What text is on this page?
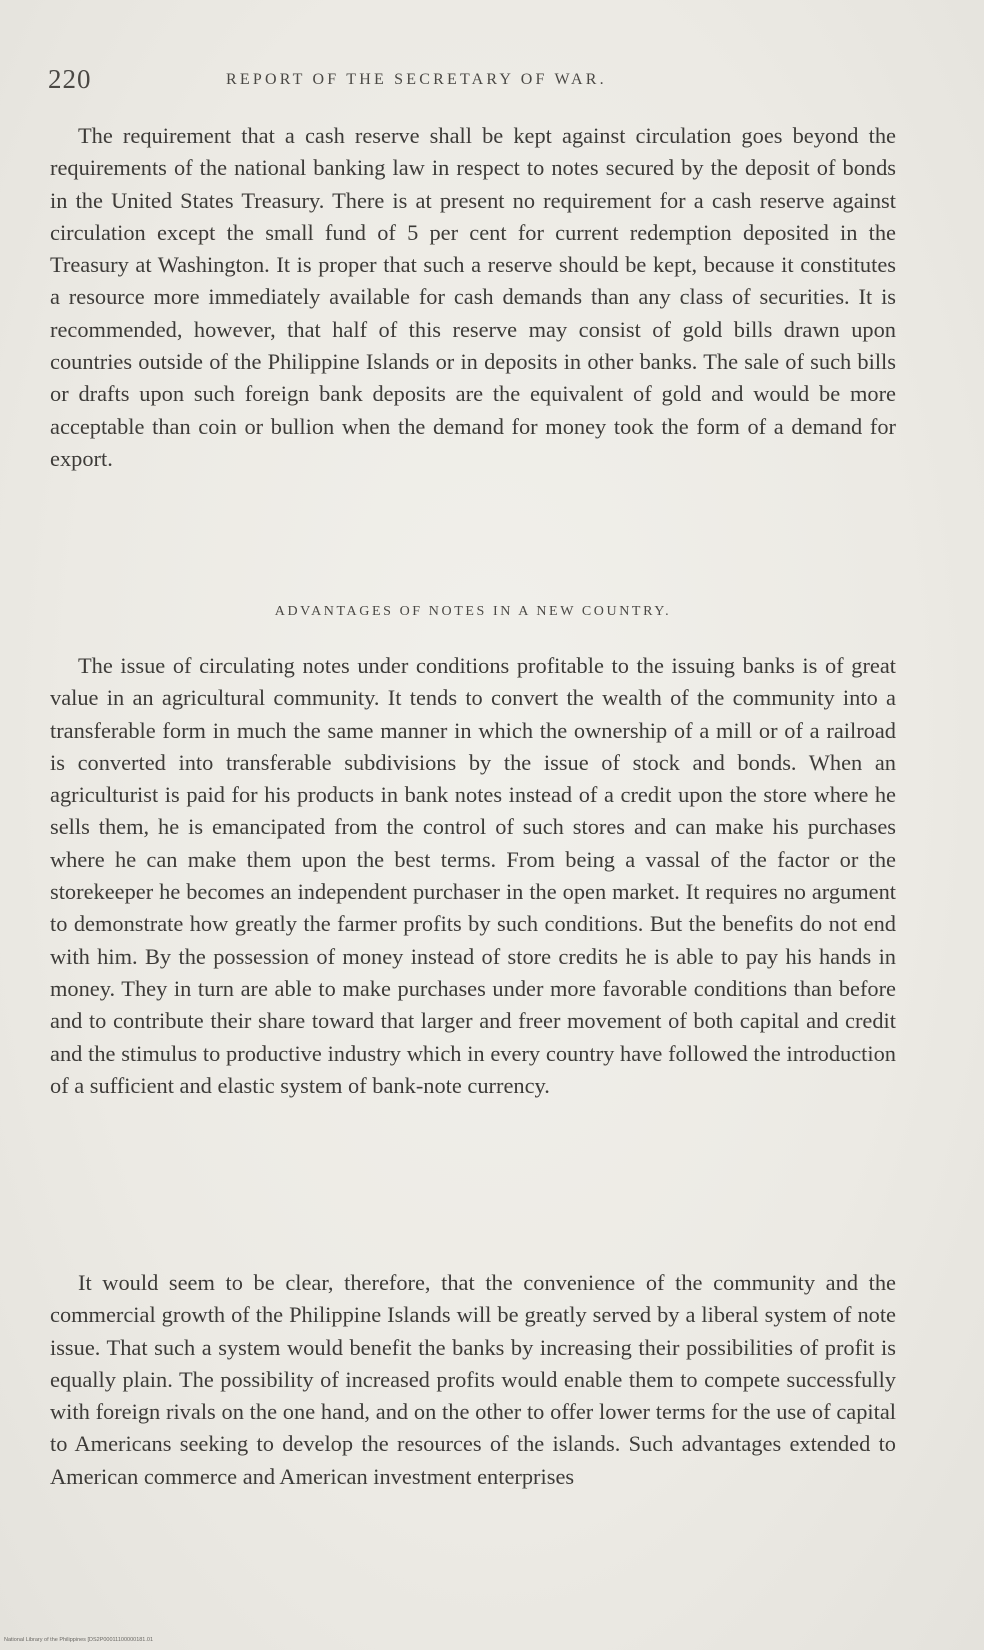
220	REPORT OF THE SECRETARY OF WAR.

The requirement that a cash reserve shall be kept against circulation goes beyond the requirements of the national banking law in respect to notes secured by the deposit of bonds in the United States Treasury. There is at present no requirement for a cash reserve against circulation except the small fund of 5 per cent for current redemption deposited in the Treasury at Washington. It is proper that such a reserve should be kept, because it constitutes a resource more immediately available for cash demands than any class of securities. It is recommended, however, that half of this reserve may consist of gold bills drawn upon countries outside of the Philippine Islands or in deposits in other banks. The sale of such bills or drafts upon such foreign bank deposits are the equivalent of gold and would be more acceptable than coin or bullion when the demand for money took the form of a demand for export.

ADVANTAGES OF NOTES IN A NEW COUNTRY.

The issue of circulating notes under conditions profitable to the issuing banks is of great value in an agricultural community. It tends to convert the wealth of the community into a transferable form in much the same manner in which the ownership of a mill or of a railroad is converted into transferable subdivisions by the issue of stock and bonds. When an agriculturist is paid for his products in bank notes instead of a credit upon the store where he sells them, he is emancipated from the control of such stores and can make his purchases where he can make them upon the best terms. From being a vassal of the factor or the storekeeper he becomes an independent purchaser in the open market. It requires no argument to demonstrate how greatly the farmer profits by such conditions. But the benefits do not end with him. By the possession of money instead of store credits he is able to pay his hands in money. They in turn are able to make purchases under more favorable conditions than before and to contribute their share toward that larger and freer movement of both capital and credit and the stimulus to productive industry which in every country have followed the introduction of a sufficient and elastic system of bank-note currency.

It would seem to be clear, therefore, that the convenience of the community and the commercial growth of the Philippine Islands will be greatly served by a liberal system of note issue. That such a system would benefit the banks by increasing their possibilities of profit is equally plain. The possibility of increased profits would enable them to compete successfully with foreign rivals on the one hand, and on the other to offer lower terms for the use of capital to Americans seeking to develop the resources of the islands. Such advantages extended to American commerce and American investment enterprises

National Library of the Philippines [DS2P00011100000181.01
